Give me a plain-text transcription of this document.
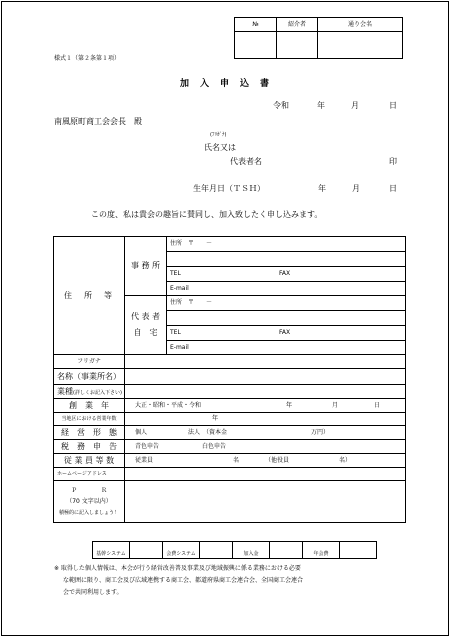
№	紹介者	通り会名

様式１（第２条第１項）
加　入　申　込　書
令和	年	月	日
南風原町商工会会長　殿
(ﾌﾘｶﾞﾅ)
氏名又は
代表者名	印
生年月日（ＴＳＨ）	年	月	日
この度、私は貴会の趣旨に賛同し、加入致したく申し込みます。
住　所　等	事 務 所	住所　〒　　－

		TEL FAX

		E-mail
	代 表 者
自　宅	住所　〒　　－

		TEL FAX

		E-mail
フリガナ		
名称（事業所名）		
業種(詳しくお記入下さい)		
創　業　年	大正・昭和・平成・令和 年 月 日	

当地区における営業年数	年	

経　営　形　態	個人 法人　（資本金 万円）	

税　務　申　告	青色申告 白色申告	

従 業 員 等 数	従業員 名 （他役員 名）	

ホームページアドレス		
Ｐ　　　　Ｒ
（70 文字以内）
積極的に記入しましょう！		
基幹システム		会費システム		加入金		年会費	
※ 取得した個人情報は、本会が行う経営改善普及事業及び地域振興に係る業務における必要
な範囲に限り、商工会及び広域連携する商工会、都道府県商工会連合会、全国商工会連合
会で共同利用します。
